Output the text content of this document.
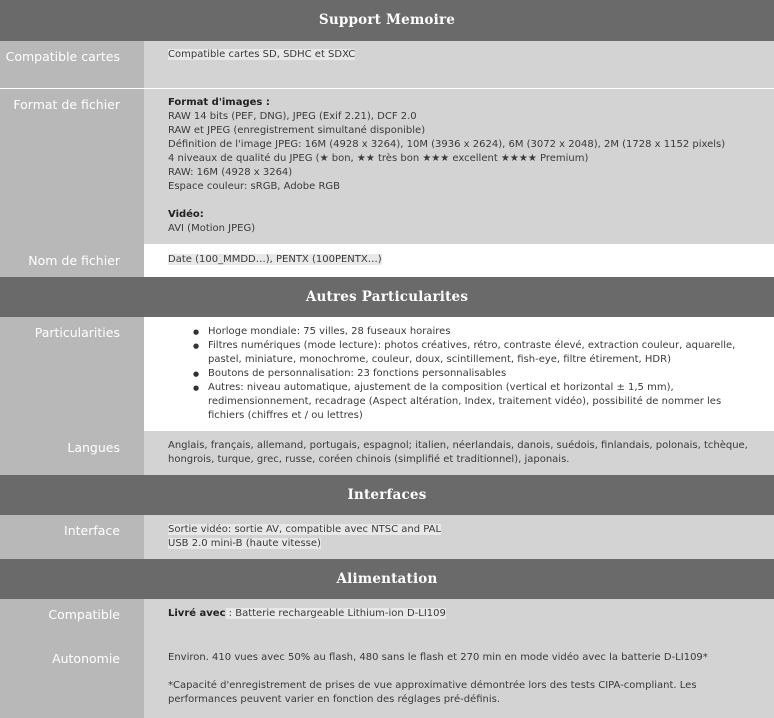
Support Memoire
Compatible cartes	Compatible cartes SD, SDHC et SDXC
Format de fichier	Format d'images :
RAW 14 bits (PEF, DNG), JPEG (Exif 2.21), DCF 2.0
RAW et JPEG (enregistrement simultané disponible)
Définition de l'image JPEG: 16M (4928 x 3264), 10M (3936 x 2624), 6M (3072 x 2048), 2M (1728 x 1152 pixels)
4 niveaux de qualité du JPEG (★ bon, ★★ très bon ★★★ excellent ★★★★ Premium)
RAW: 16M (4928 x 3264)
Espace couleur: sRGB, Adobe RGB
Vidéo:
AVI (Motion JPEG)
Nom de fichier	Date (100_MMDD…), PENTX (100PENTX…)
Autres Particularites
Particularities
●	Horloge mondiale: 75 villes, 28 fuseaux horaires
● Filtres numériques (mode lecture): photos créatives, rétro, contraste élevé, extraction couleur, aquarelle, pastel, miniature, monochrome, couleur, doux, scintillement, fish-eye, filtre étirement, HDR)
● Boutons de personnalisation: 23 fonctions personnalisables
● Autres: niveau automatique, ajustement de la composition (vertical et horizontal ± 1,5 mm), redimensionnement, recadrage (Aspect altération, Index, traitement vidéo), possibilité de nommer les fichiers (chiffres et / ou lettres)
Langues	Anglais, français, allemand, portugais, espagnol; italien, néerlandais, danois, suédois, finlandais, polonais, tchèque, hongrois, turque, grec, russe, coréen chinois (simplifié et traditionnel), japonais.
Interfaces
Interface	Sortie vidéo: sortie AV, compatible avec NTSC and PAL
USB 2.0 mini-B (haute vitesse)
Alimentation
Compatible	Livré avec : Batterie rechargeable Lithium-ion D-LI109
Autonomie	Environ. 410 vues avec 50% au flash, 480 sans le flash et 270 min en mode vidéo avec la batterie D-LI109*
*Capacité d'enregistrement de prises de vue approximative démontrée lors des tests CIPA-compliant. Les performances peuvent varier en fonction des réglages pré-définis.
